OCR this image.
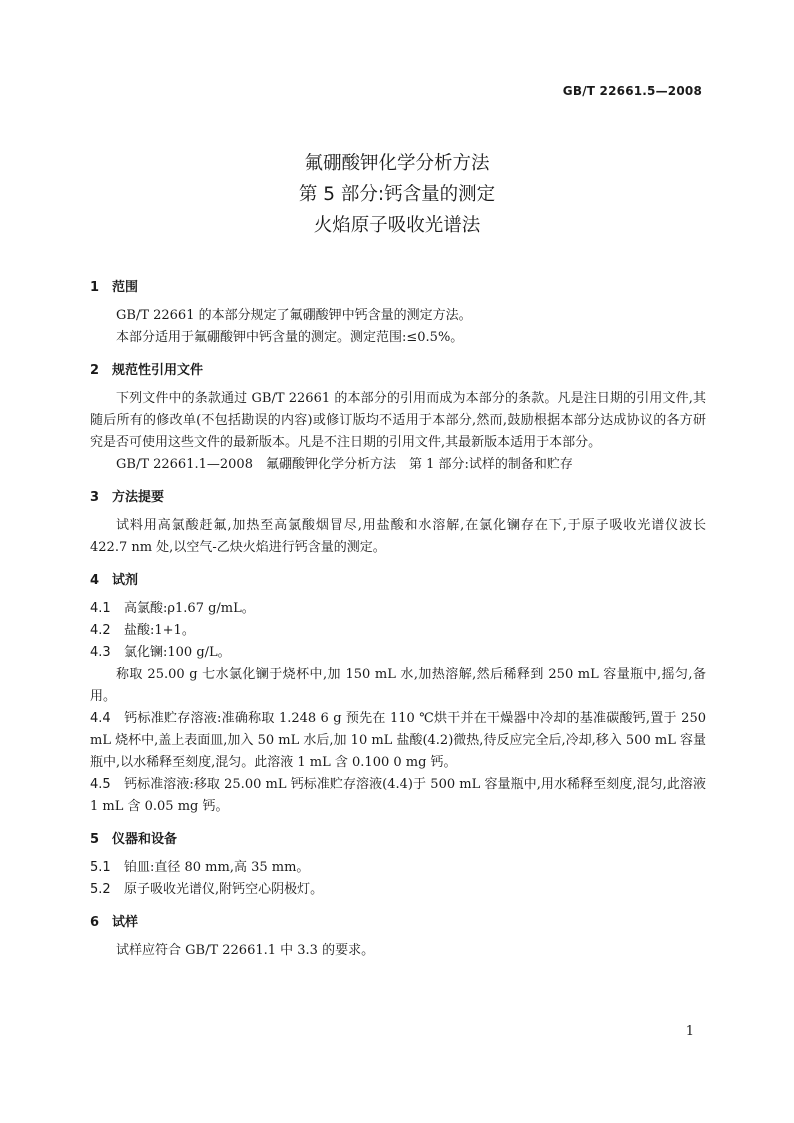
GB/T 22661.5—2008
氟硼酸钾化学分析方法
第 5 部分:钙含量的测定
火焰原子吸收光谱法
1 范围

GB/T 22661 的本部分规定了氟硼酸钾中钙含量的测定方法。

本部分适用于氟硼酸钾中钙含量的测定。测定范围:≤0.5%。

2 规范性引用文件

下列文件中的条款通过 GB/T 22661 的本部分的引用而成为本部分的条款。凡是注日期的引用文件,其随后所有的修改单(不包括勘误的内容)或修订版均不适用于本部分,然而,鼓励根据本部分达成协议的各方研究是否可使用这些文件的最新版本。凡是不注日期的引用文件,其最新版本适用于本部分。

GB/T 22661.1—2008　氟硼酸钾化学分析方法　第 1 部分:试样的制备和贮存

3 方法提要

试料用高氯酸赶氟,加热至高氯酸烟冒尽,用盐酸和水溶解,在氯化镧存在下,于原子吸收光谱仪波长 422.7 nm 处,以空气-乙炔火焰进行钙含量的测定。

4 试剂

4.1 高氯酸:ρ1.67 g/mL。

4.2 盐酸:1+1。

4.3 氯化镧:100 g/L。

称取 25.00 g 七水氯化镧于烧杯中,加 150 mL 水,加热溶解,然后稀释到 250 mL 容量瓶中,摇匀,备用。

4.4 钙标准贮存溶液:准确称取 1.248 6 g 预先在 110 ℃烘干并在干燥器中冷却的基准碳酸钙,置于 250 mL 烧杯中,盖上表面皿,加入 50 mL 水后,加 10 mL 盐酸(4.2)微热,待反应完全后,冷却,移入 500 mL 容量瓶中,以水稀释至刻度,混匀。此溶液 1 mL 含 0.100 0 mg 钙。

4.5 钙标准溶液:移取 25.00 mL 钙标准贮存溶液(4.4)于 500 mL 容量瓶中,用水稀释至刻度,混匀,此溶液 1 mL 含 0.05 mg 钙。

5 仪器和设备

5.1 铂皿:直径 80 mm,高 35 mm。

5.2 原子吸收光谱仪,附钙空心阴极灯。

6 试样

试样应符合 GB/T 22661.1 中 3.3 的要求。

1
